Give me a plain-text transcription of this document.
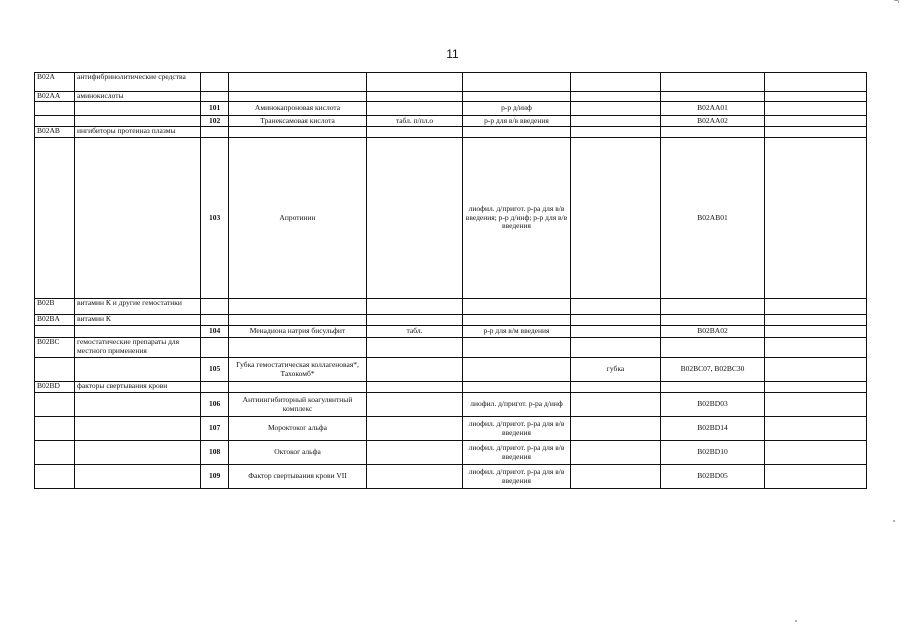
¬
11
B02A	антифибринолитические средства							
B02AA	аминокислоты							
		101	Аминокапроновая кислота		р-р д/инф		B02AA01	
		102	Транексамовая кислота	табл. п/пл.о	р-р для в/в введения		B02AA02	
B02AB	ингибиторы протеиназ плазмы							
		103	Апротинин		лиофил. д/пригот. р-ра для в/в введения; р-р д/инф; р-р для в/в введения		B02AB01	
B02B	витамин К и другие гемостатики							
B02BA	витамин К							
		104	Менадиона натрия бисульфит	табл.	р-р для в/м введения		B02BA02	
B02BC	гемостатические препараты для местного применения							
		105	Губка гемостатическая коллагеновая*, Тахокомб*			губка	B02BC07, B02BC30	
B02BD	факторы свертывания крови							
		106	Антиингибиторный коагулянтный комплекс		лиофил. д/пригот. р-ра д/инф		B02BD03	
		107	Мороктоког альфа		лиофил. д/пригот. р-ра для в/в введения		B02BD14	
		108	Октоког альфа		лиофил. д/пригот. р-ра для в/в введения		B02BD10	
		109	Фактор свертывания крови VII		лиофил. д/пригот. р-ра для в/в введения		B02BD05	
